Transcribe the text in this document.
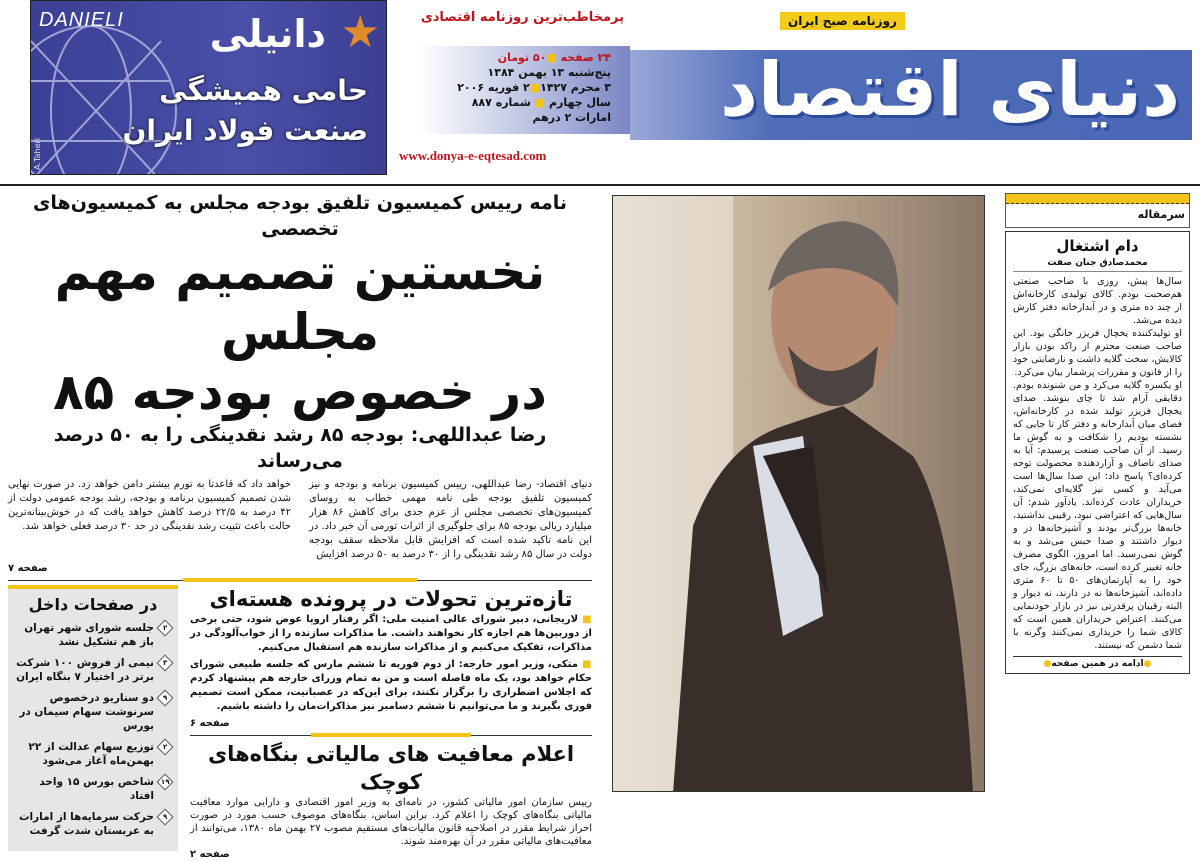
DANIELI دانیلی ★
حامی همیشگی
صنعت فولاد ایران
A.Taheri
پرمخاطب‌ترین روزنامه اقتصادی
۲۴ صفحه ■۵۰ تومان
پنج‌شنبه ۱۳ بهمن ۱۳۸۴
۳ محرم ۱۴۲۷■۲ فوریه ۲۰۰۶
سال چهارم ■ شماره ۸۸۷
امارات ۲ درهم
www.donya-e-eqtesad.com
روزنامه صبح ایران
دنیای اقتصاد
نامه رییس کمیسیون تلفیق بودجه مجلس به کمیسیون‌های تخصصی
نخستین تصمیم مهم مجلس
در خصوص بودجه ۸۵
رضا عبداللهی: بودجه ۸۵ رشد نقدینگی را به ۵۰ درصد می‌رساند
دنیای اقتصاد- رضا عبداللهی، رییس کمیسیون برنامه و بودجه و نیز کمیسیون تلفیق بودجه طی نامه مهمی خطاب به روسای کمیسیون‌های تخصصی مجلس از عزم جدی برای کاهش ۸۶ هزار میلیارد ریالی بودجه ۸۵ برای جلوگیری از اثرات تورمی آن خبر داد. در این نامه تاکید شده است که افزایش قابل ملاحظه سقف بودجه دولت در سال ۸۵ رشد نقدینگی را از ۳۰ درصد به ۵۰ درصد افزایش
خواهد داد که قاعدتا به تورم بیشتر دامن خواهد زد. در صورت نهایی شدن تصمیم کمیسیون برنامه و بودجه، رشد بودجه عمومی دولت از ۴۲ درصد به ۲۲/۵ درصد کاهش خواهد یافت که در خوش‌بینانه‌ترین حالت باعث تثبیت رشد نقدینگی در حد ۳۰ درصد فعلی خواهد شد.
صفحه ۷
در صفحات داخل
۲
جلسه شورای شهر تهران باز هم تشکیل نشد
۳
نیمی از فروش ۱۰۰ شرکت برتر در اختیار ۷ بنگاه ایران
۹
دو سناریو درخصوص سرنوشت سهام سیمان در بورس
۲
توزیع سهام عدالت از ۲۲ بهمن‌ماه آغاز می‌شود
۱۹
شاخص بورس ۱۵ واحد افتاد
۹
حرکت سرمایه‌ها از امارات به عربستان شدت گرفت
تازه‌ترین تحولات در پرونده هسته‌ای
■ لاریجانی، دبیر شورای عالی امنیت ملی: اگر رفتار اروپا عوض شود، حتی برخی از دوربین‌ها هم اجازه کار نخواهند داشت. ما مذاکرات سازنده را از خواب‌آلودگی در مذاکرات، تفکیک می‌کنیم و از مذاکرات سازنده هم استقبال می‌کنیم.
■ متکی، وزیر امور خارجه: از دوم فوریه تا ششم مارس که جلسه طبیعی شورای حکام خواهد بود، یک ماه فاصله است و من به تمام وزرای خارجه هم پیشنهاد کردم که اجلاس اضطراری را برگزار نکنند، برای این‌که در عصبانیت، ممکن است تصمیم فوری بگیرند و ما می‌توانیم تا ششم دسامبر نیز مذاکرات‌مان را داشته باشیم.
صفحه ۶
اعلام معافیت های مالیاتی بنگاه‌های کوچک
رییس سازمان امور مالیاتی کشور، در نامه‌ای به وزیر امور اقتصادی و دارایی موارد معافیت مالیاتی بنگاه‌های کوچک را اعلام کرد. براین اساس، بنگاه‌های موصوف حسب مورد در صورت احراز شرایط مقرر در اصلاحیه قانون مالیات‌های مستقیم مصوب ۲۷ بهمن ماه ۱۳۸۰، می‌توانند از معافیت‌های مالیاتی مقرر در آن بهره‌مند شوند.
صفحه ۲
سرمقاله
دام اشتغال
محمدصادق جنان صفت

سال‌ها پیش، روزی با صاحب صنعتی هم‌صحبت بودم. کالای تولیدی کارخانه‌اش از چند ده متری و در آبدارخانه دفتر کارش دیده می‌شد.

او تولیدکننده یخچال فریزر خانگی بود. این صاحب صنعت محترم از راکد بودن بازار کالایش، سخت گلایه داشت و نارضایتی خود را از قانون و مقررات پرشمار بیان می‌کرد.

او یکسره گلایه می‌کرد و من شنونده بودم. دقایقی آرام شد تا چای بنوشد. صدای یخچال فریزر تولید شده در کارخانه‌اش، فضای میان آبدارخانه و دفتر کار تا جایی که نشسته بودیم را شکافت و به گوش ما رسید. از آن صاحب صنعت پرسیدم: آیا به صدای ناصاف و آزاردهنده محصولت توجه کرده‌ای؟ پاسخ داد: این صدا سال‌ها است می‌آید و کسی نیز گلایه‌ای نمی‌کند، خریداران عادت کرده‌اند. یادآور شدم: آن سال‌هایی که اعتراضی نبود، رقیبی نداشتید، خانه‌ها بزرگ‌تر بودند و آشپزخانه‌ها در و دیوار داشتند و صدا حبس می‌شد و به گوش نمی‌رسید. اما امروز، الگوی مصرف خانه تغییر کرده است، خانه‌های بزرگ، جای خود را به آپارتمان‌های ۵۰ تا ۶۰ متری داده‌اند، آشپزخانه‌ها نه در دارند، نه دیوار و البته رقیبان پرقدرتی نیز در بازار خودنمایی می‌کنند. اعتراض خریداران همین است که کالای شما را خریداری نمی‌کنند وگرنه با شما دشمن که نیستند.

●ادامه در همین صفحه●
